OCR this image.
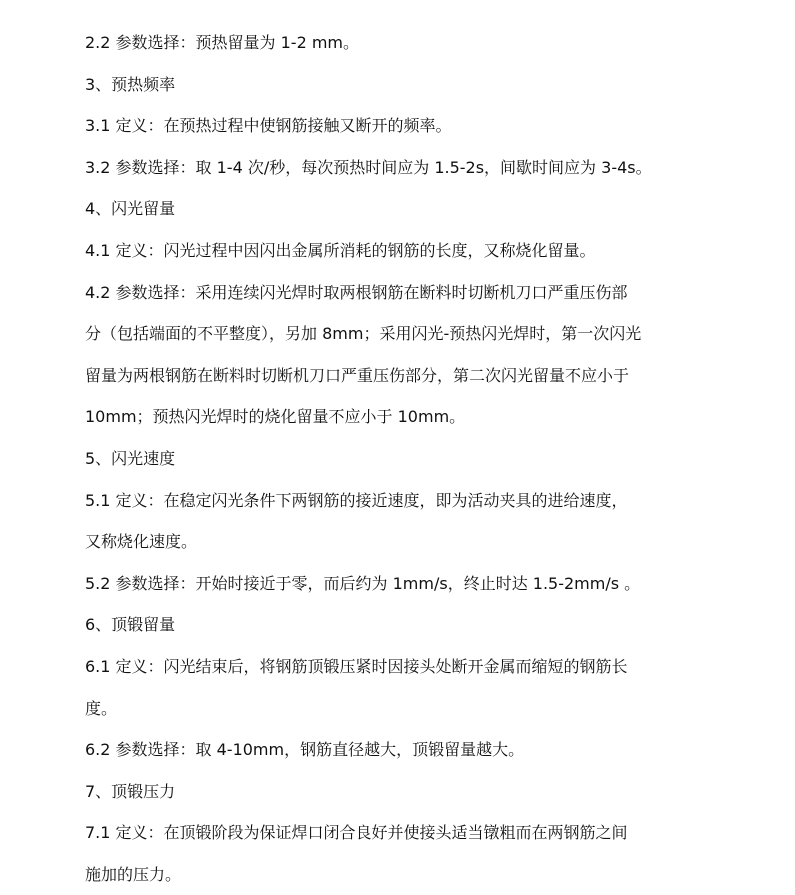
2.2 参数选择：预热留量为 1-2 mm。
3、预热频率
3.1 定义：在预热过程中使钢筋接触又断开的频率。
3.2 参数选择：取 1-4 次/秒，每次预热时间应为 1.5-2s，间歇时间应为 3-4s。
4、闪光留量
4.1 定义：闪光过程中因闪出金属所消耗的钢筋的长度，又称烧化留量。
4.2 参数选择：采用连续闪光焊时取两根钢筋在断料时切断机刀口严重压伤部
分（包括端面的不平整度），另加 8mm；采用闪光-预热闪光焊时，第一次闪光
留量为两根钢筋在断料时切断机刀口严重压伤部分，第二次闪光留量不应小于
10mm；预热闪光焊时的烧化留量不应小于 10mm。
5、闪光速度
5.1 定义：在稳定闪光条件下两钢筋的接近速度，即为活动夹具的进给速度，
又称烧化速度。
5.2 参数选择：开始时接近于零，而后约为 1mm/s，终止时达 1.5-2mm/s 。
6、顶锻留量
6.1 定义：闪光结束后，将钢筋顶锻压紧时因接头处断开金属而缩短的钢筋长
度。
6.2 参数选择：取 4-10mm，钢筋直径越大，顶锻留量越大。
7、顶锻压力
7.1 定义：在顶锻阶段为保证焊口闭合良好并使接头适当镦粗而在两钢筋之间
施加的压力。
